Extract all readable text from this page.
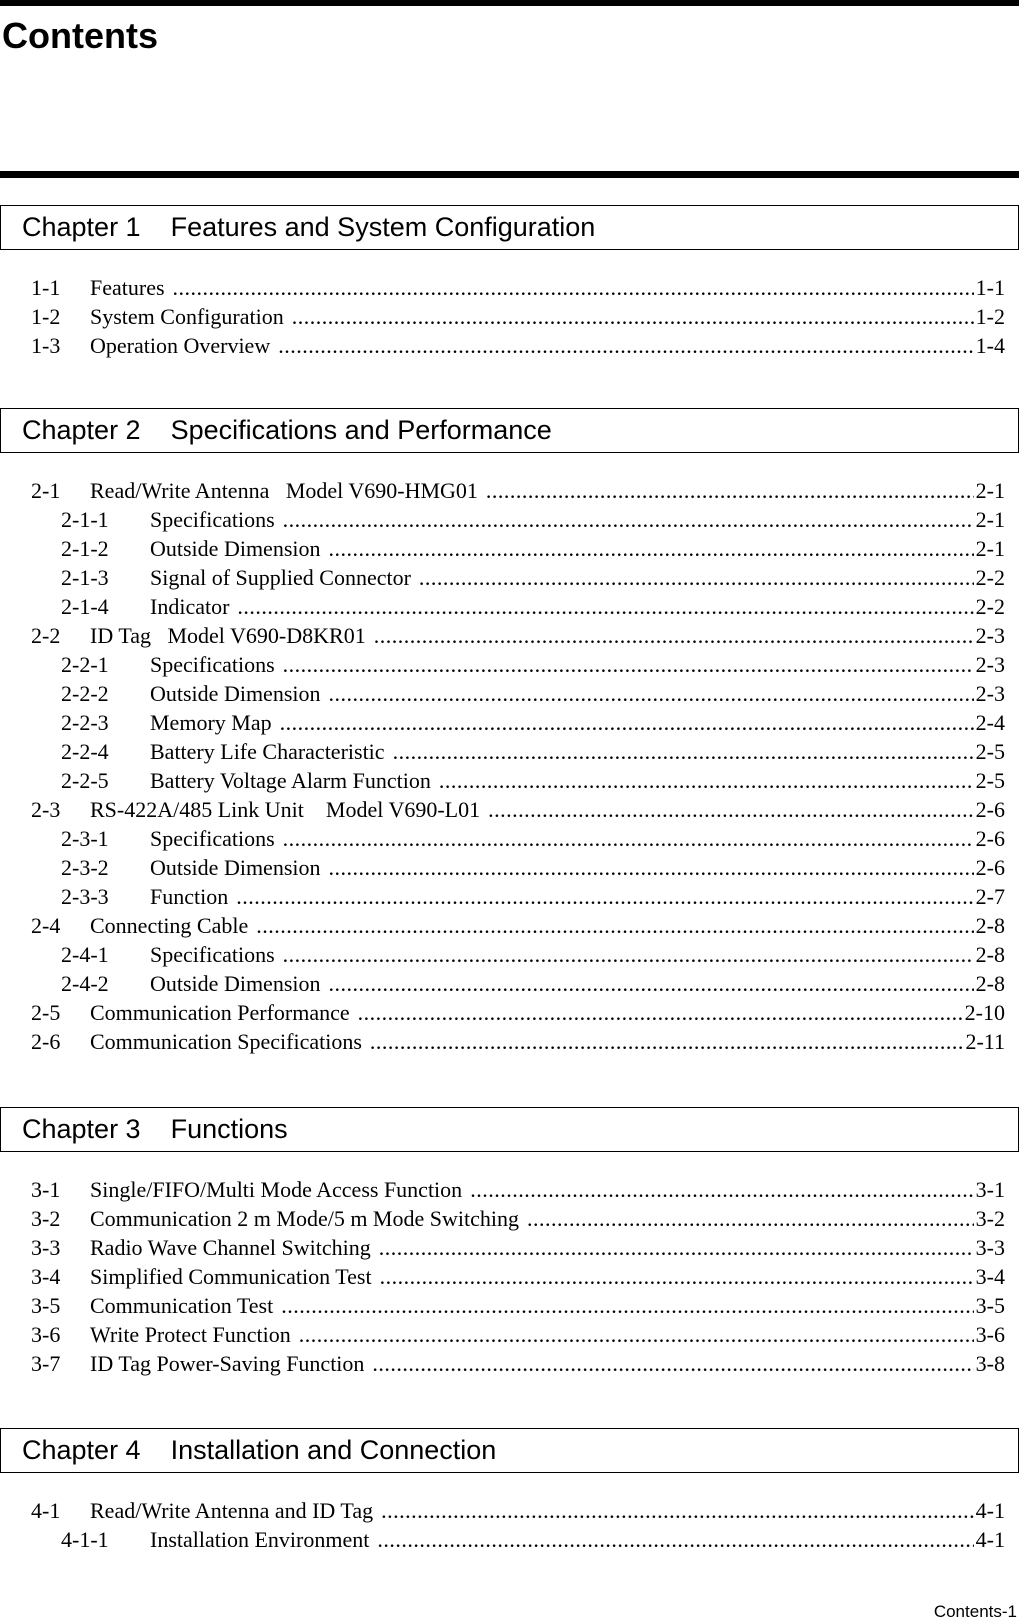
Contents
Chapter 1    Features and System Configuration
1-1 Features .....	1-1
1-2 System Configuration .....	1-2
1-3 Operation Overview .....	1-4
Chapter 2    Specifications and Performance
2-1 Read/Write Antenna   Model V690-HMG01 .....	2-1
2-1-1 Specifications .....	2-1
2-1-2 Outside Dimension .....	2-1
2-1-3 Signal of Supplied Connector .....	2-2
2-1-4 Indicator .....	2-2
2-2 ID Tag   Model V690-D8KR01 .....	2-3
2-2-1 Specifications .....	2-3
2-2-2 Outside Dimension .....	2-3
2-2-3 Memory Map .....	2-4
2-2-4 Battery Life Characteristic .....	2-5
2-2-5 Battery Voltage Alarm Function .....	2-5
2-3 RS-422A/485 Link Unit    Model V690-L01 .....	2-6
2-3-1 Specifications .....	2-6
2-3-2 Outside Dimension .....	2-6
2-3-3 Function .....	2-7
2-4 Connecting Cable .....	2-8
2-4-1 Specifications .....	2-8
2-4-2 Outside Dimension .....	2-8
2-5 Communication Performance .....	2-10
2-6 Communication Specifications .....	2-11
Chapter 3    Functions
3-1 Single/FIFO/Multi Mode Access Function .....	3-1
3-2 Communication 2 m Mode/5 m Mode Switching .....	3-2
3-3 Radio Wave Channel Switching .....	3-3
3-4 Simplified Communication Test .....	3-4
3-5 Communication Test .....	3-5
3-6 Write Protect Function .....	3-6
3-7 ID Tag Power-Saving Function .....	3-8
Chapter 4    Installation and Connection
4-1 Read/Write Antenna and ID Tag .....	4-1
4-1-1 Installation Environment .....	4-1
Contents-1
